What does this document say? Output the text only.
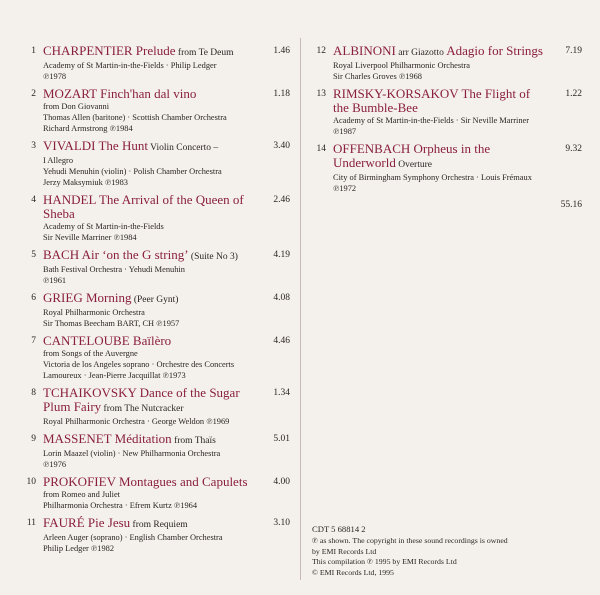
1 CHARPENTIER Prelude from Te Deum	1.46
Academy of St Martin-in-the-Fields · Philip Ledger
℗1978
2 MOZART Finch'han dal vino	1.18
from Don Giovanni
Thomas Allen (baritone) · Scottish Chamber Orchestra
Richard Armstrong ℗1984
3 VIVALDI The Hunt Violin Concerto –	3.40
I Allegro
Yehudi Menuhin (violin) · Polish Chamber Orchestra
Jerzy Maksymiuk ℗1983
4 HANDEL The Arrival of the Queen of Sheba
2.46
Academy of St Martin-in-the-Fields
Sir Neville Marriner ℗1984
5 BACH Air ‘on the G string’ (Suite No 3)	4.19
Bath Festival Orchestra · Yehudi Menuhin
℗1961
6 GRIEG Morning (Peer Gynt)	4.08
Royal Philharmonic Orchestra
Sir Thomas Beecham BART, CH ℗1957
7 CANTELOUBE Baïlèro	4.46
from Songs of the Auvergne
Victoria de los Angeles soprano · Orchestre des Concerts
Lamoureux · Jean-Pierre Jacquillat ℗1973
8 TCHAIKOVSKY Dance of the Sugar Plum Fairy from The Nutcracker
1.34
Royal Philharmonic Orchestra · George Weldon ℗1969
9 MASSENET Méditation from Thaïs	5.01
Lorin Maazel (violin) · New Philharmonia Orchestra
℗1976
10 PROKOFIEV Montagues and Capulets	4.00
from Romeo and Juliet
Philharmonia Orchestra · Efrem Kurtz ℗1964
11 FAURÉ Pie Jesu from Requiem	3.10
Arleen Auger (soprano) · English Chamber Orchestra
Philip Ledger ℗1982
12 ALBINONI arr Giazotto Adagio for Strings	7.19
Royal Liverpool Philharmonic Orchestra
Sir Charles Groves ℗1968
13 RIMSKY-KORSAKOV The Flight of the Bumble-Bee
1.22
Academy of St Martin-in-the-Fields · Sir Neville Marriner
℗1987
14 OFFENBACH Orpheus in the Underworld Overture
9.32
City of Birmingham Symphony Orchestra · Louis Frémaux
℗1972
55.16
CDT 5 68814 2
℗ as shown. The copyright in these sound recordings is owned
by EMI Records Ltd
This compilation ℗ 1995 by EMI Records Ltd
© EMI Records Ltd, 1995
